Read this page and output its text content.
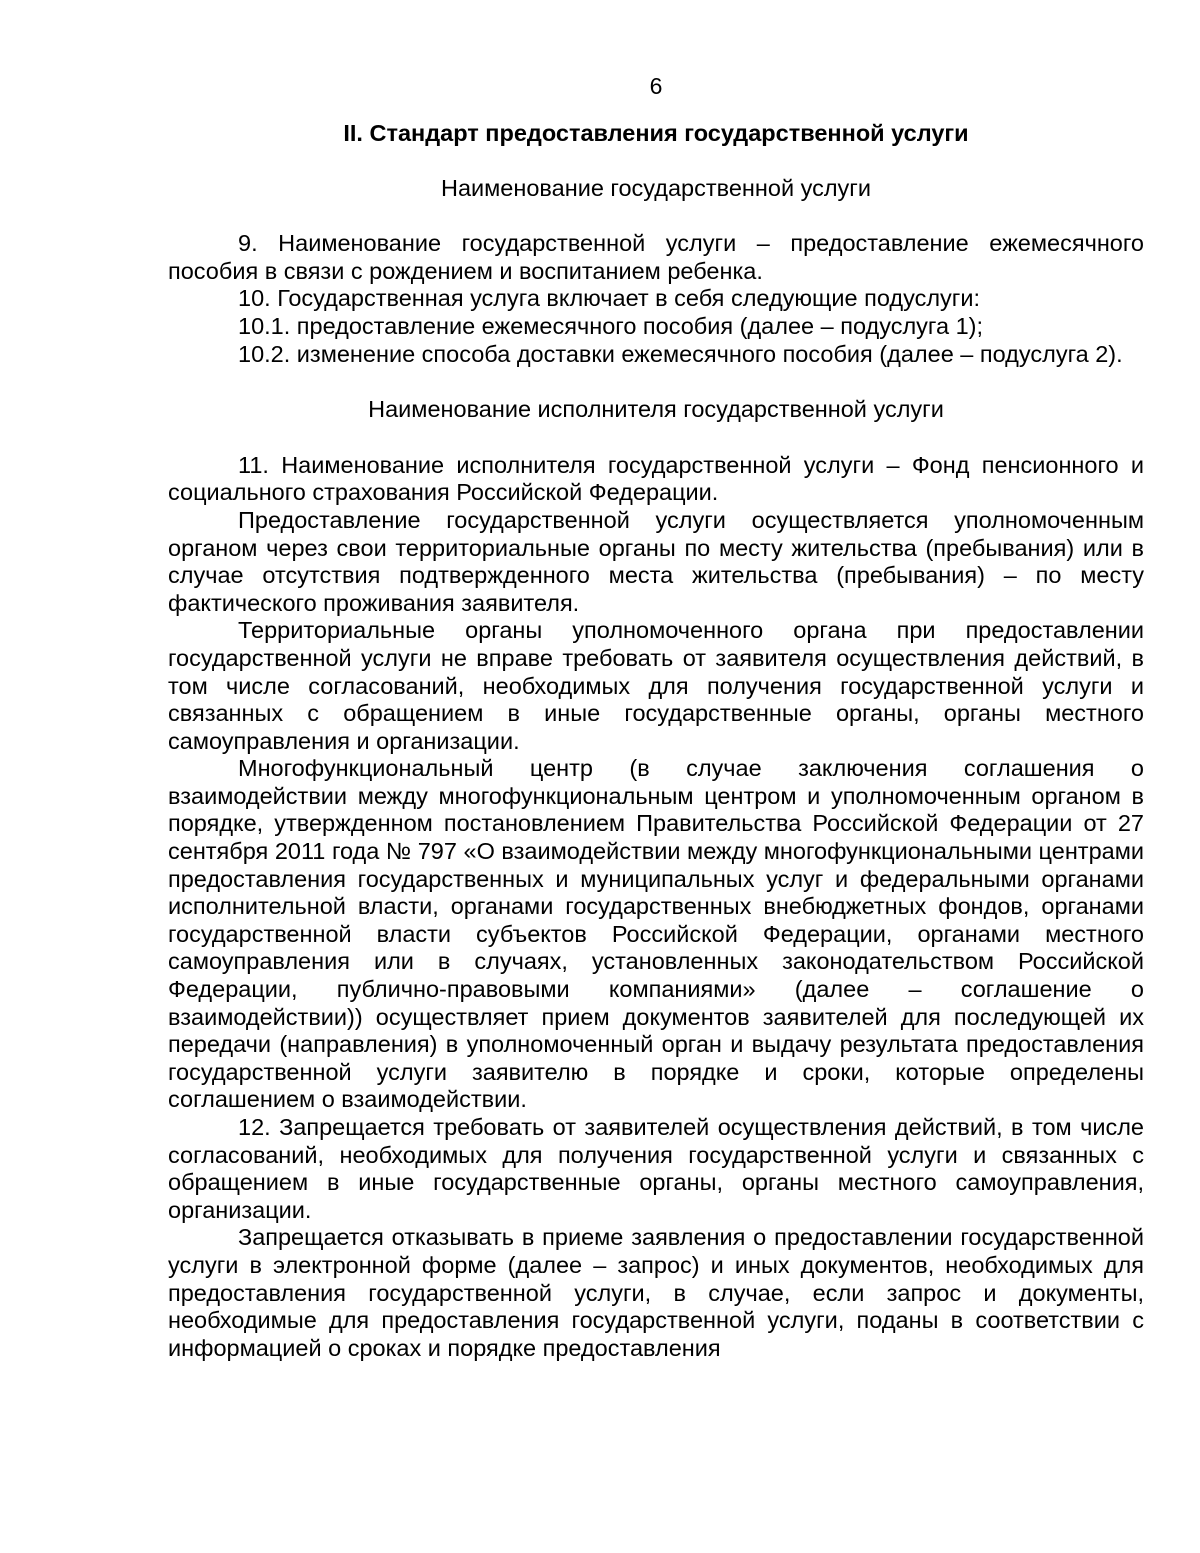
6
II. Стандарт предоставления государственной услуги
Наименование государственной услуги

9. Наименование государственной услуги – предоставление ежемесячного пособия в связи с рождением и воспитанием ребенка.

10. Государственная услуга включает в себя следующие подуслуги:

10.1. предоставление ежемесячного пособия (далее – подуслуга 1);

10.2. изменение способа доставки ежемесячного пособия (далее – подуслуга 2).

Наименование исполнителя государственной услуги

11. Наименование исполнителя государственной услуги – Фонд пенсионного и социального страхования Российской Федерации.

Предоставление государственной услуги осуществляется уполномоченным органом через свои территориальные органы по месту жительства (пребывания) или в случае отсутствия подтвержденного места жительства (пребывания) – по месту фактического проживания заявителя.

Территориальные органы уполномоченного органа при предоставлении государственной услуги не вправе требовать от заявителя осуществления действий, в том числе согласований, необходимых для получения государственной услуги и связанных с обращением в иные государственные органы, органы местного самоуправления и организации.

Многофункциональный центр (в случае заключения соглашения о взаимодействии между многофункциональным центром и уполномоченным органом в порядке, утвержденном постановлением Правительства Российской Федерации от 27 сентября 2011 года № 797 «О взаимодействии между многофункциональными центрами предоставления государственных и муниципальных услуг и федеральными органами исполнительной власти, органами государственных внебюджетных фондов, органами государственной власти субъектов Российской Федерации, органами местного самоуправления или в случаях, установленных законодательством Российской Федерации, публично-правовыми компаниями» (далее – соглашение о взаимодействии)) осуществляет прием документов заявителей для последующей их передачи (направления) в уполномоченный орган и выдачу результата предоставления государственной услуги заявителю в порядке и сроки, которые определены соглашением о взаимодействии.

12. Запрещается требовать от заявителей осуществления действий, в том числе согласований, необходимых для получения государственной услуги и связанных с обращением в иные государственные органы, органы местного самоуправления, организации.

Запрещается отказывать в приеме заявления о предоставлении государственной услуги в электронной форме (далее – запрос) и иных документов, необходимых для предоставления государственной услуги, в случае, если запрос и документы, необходимые для предоставления государственной услуги, поданы в соответствии с информацией о сроках и порядке предоставления
